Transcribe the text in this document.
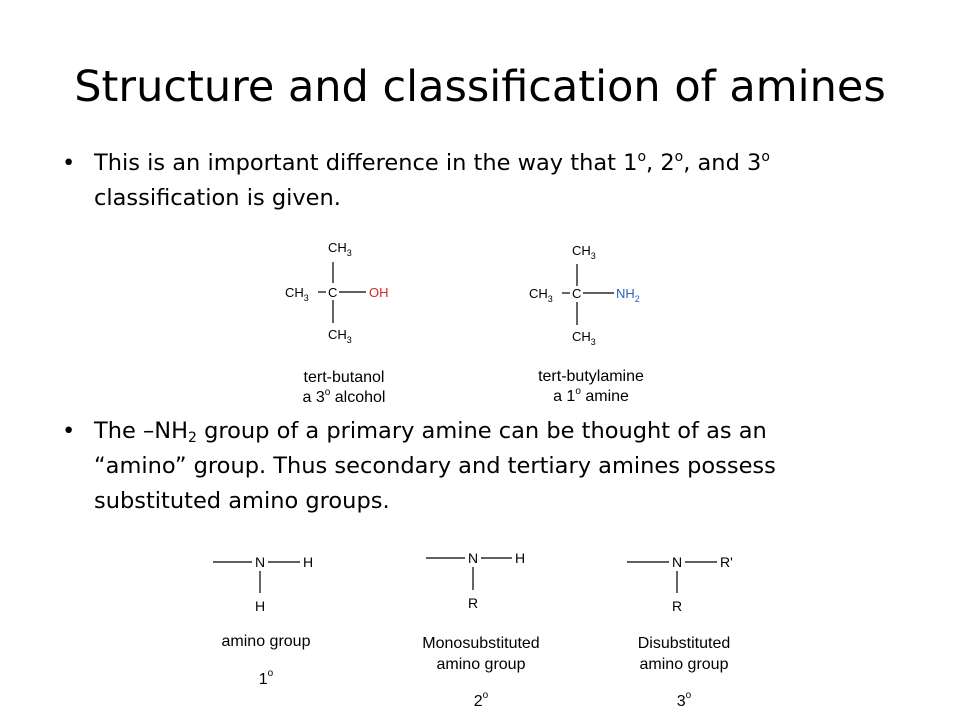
Structure and classification of amines
• This is an important difference in the way that 1$^o$, 2$^o$, and 3$^o$
classification is given.
• The $-NH_2$ group of a primary amine can be thought of as an
“amino” group. Thus secondary and tertiary amines possess
substituted amino groups.
$CH_3$
$CH_3$ C OH
$CH_3$
tert-butanol
a 3$^o$ alcohol
$CH_3$
$CH_3$ C	$NH_2$
$CH_3$
tert-butylamine
a 1$^o$ amine
N	H
H
amino group
1$^o$
N	H
R
Monosubstituted
amino group
2$^o$
N	R'
R
Disubstituted
amino group
3$^o$
